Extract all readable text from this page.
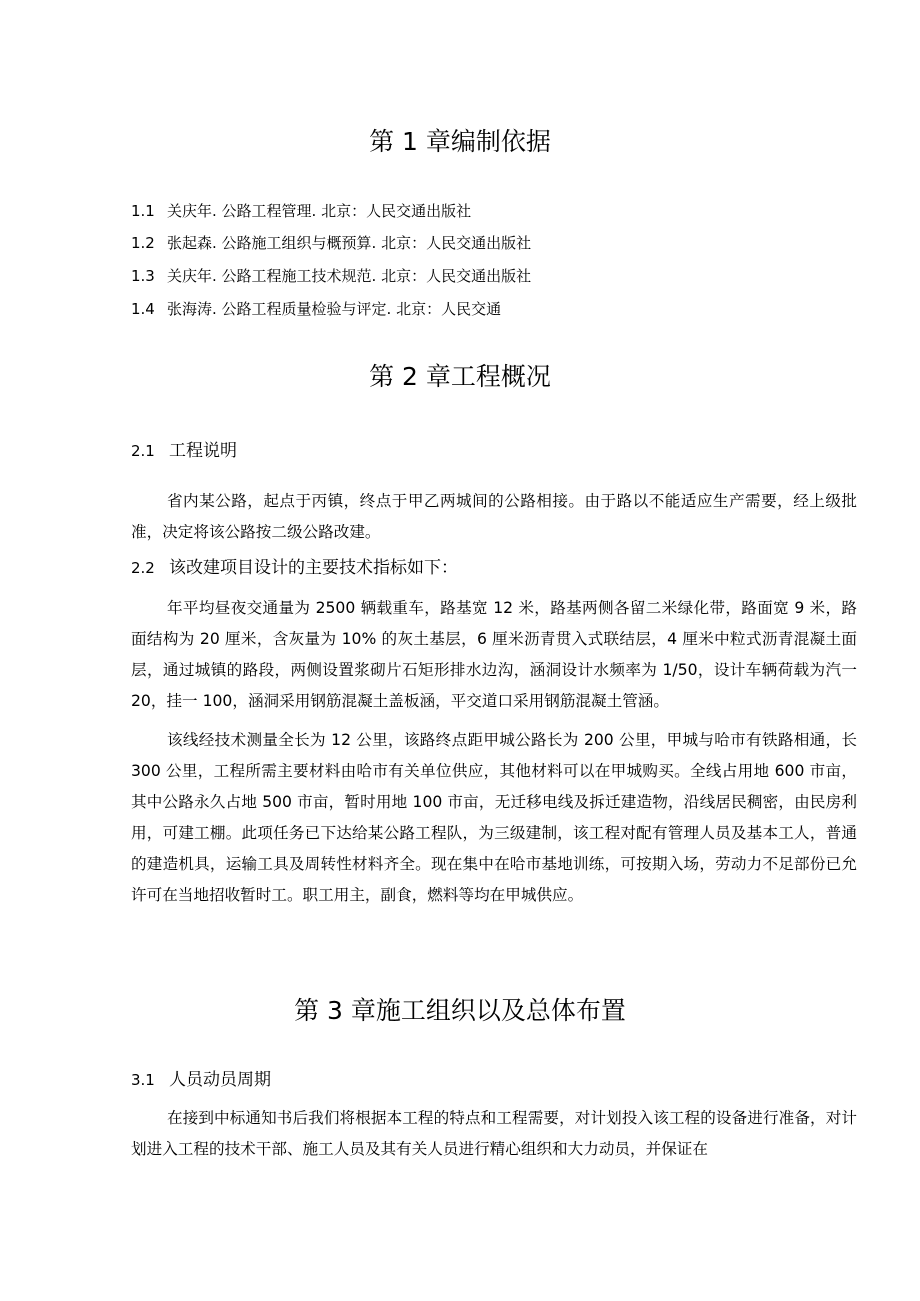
第 1 章编制依据
1.1 关庆年. 公路工程管理. 北京：人民交通出版社
1.2 张起森. 公路施工组织与概预算. 北京：人民交通出版社
1.3 关庆年. 公路工程施工技术规范. 北京：人民交通出版社
1.4 张海涛. 公路工程质量检验与评定. 北京：人民交通
第 2 章工程概况
2.1 工程说明

省内某公路，起点于丙镇，终点于甲乙两城间的公路相接。由于路以不能适应生产需要，经上级批准，决定将该公路按二级公路改建。

2.2 该改建项目设计的主要技术指标如下：

年平均昼夜交通量为 2500 辆载重车，路基宽 12 米，路基两侧各留二米绿化带，路面宽 9 米，路面结构为 20 厘米，含灰量为 10% 的灰土基层，6 厘米沥青贯入式联结层，4 厘米中粒式沥青混凝土面层，通过城镇的路段，两侧设置浆砌片石矩形排水边沟，涵洞设计水频率为 1/50，设计车辆荷载为汽一 20，挂一 100，涵洞采用钢筋混凝土盖板涵，平交道口采用钢筋混凝土管涵。

该线经技术测量全长为 12 公里，该路终点距甲城公路长为 200 公里，甲城与哈市有铁路相通，长 300 公里，工程所需主要材料由哈市有关单位供应，其他材料可以在甲城购买。全线占用地 600 市亩，其中公路永久占地 500 市亩，暂时用地 100 市亩，无迁移电线及拆迁建造物，沿线居民稠密，由民房利用，可建工棚。此项任务已下达给某公路工程队，为三级建制，该工程对配有管理人员及基本工人，普通的建造机具，运输工具及周转性材料齐全。现在集中在哈市基地训练，可按期入场，劳动力不足部份已允许可在当地招收暂时工。职工用主，副食，燃料等均在甲城供应。

第 3 章施工组织以及总体布置
3.1 人员动员周期

在接到中标通知书后我们将根据本工程的特点和工程需要，对计划投入该工程的设备进行准备，对计划进入工程的技术干部、施工人员及其有关人员进行精心组织和大力动员，并保证在
